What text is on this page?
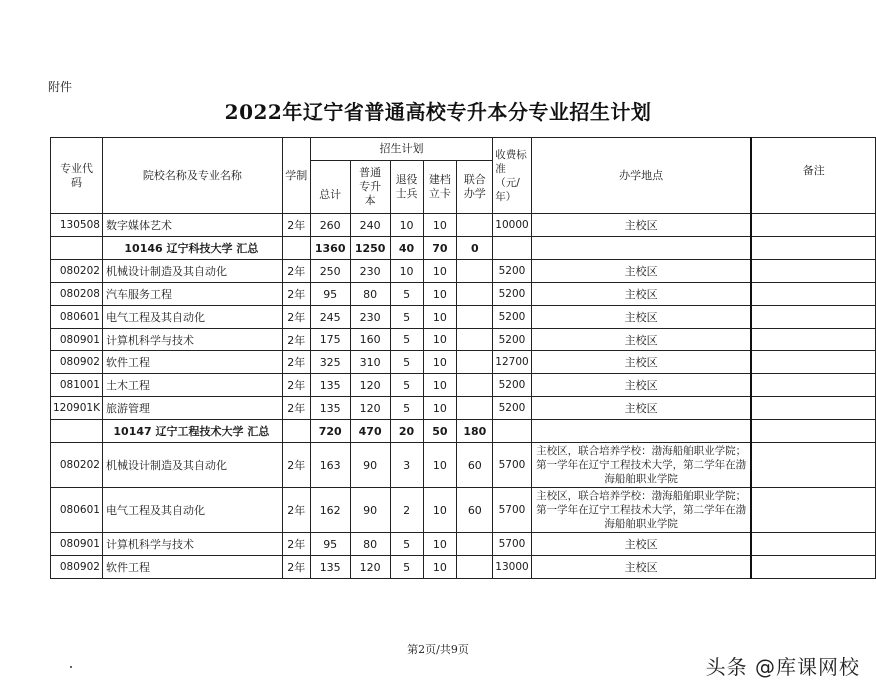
附件
2022年辽宁省普通高校专升本分专业招生计划
专业代码	院校名称及专业名称	学制	招生计划					收费标准（元/年）	办学地点	备注
			总计	普通专升本	退役士兵	建档立卡	联合办学			
130508	数字媒体艺术	2年	260	240	10	10		10000	主校区	
	10146 辽宁科技大学 汇总		1360	1250	40	70	0			
080202	机械设计制造及其自动化	2年	250	230	10	10		5200	主校区	
080208	汽车服务工程	2年	95	80	5	10		5200	主校区	
080601	电气工程及其自动化	2年	245	230	5	10		5200	主校区	
080901	计算机科学与技术	2年	175	160	5	10		5200	主校区	
080902	软件工程	2年	325	310	5	10		12700	主校区	
081001	土木工程	2年	135	120	5	10		5200	主校区	
120901K	旅游管理	2年	135	120	5	10		5200	主校区	
	10147 辽宁工程技术大学 汇总		720	470	20	50	180			
080202	机械设计制造及其自动化	2年	163	90	3	10	60	5700	主校区，联合培养学校：渤海船舶职业学院；第一学年在辽宁工程技术大学，第二学年在渤海船舶职业学院	
080601	电气工程及其自动化	2年	162	90	2	10	60	5700	主校区，联合培养学校：渤海船舶职业学院；第一学年在辽宁工程技术大学，第二学年在渤海船舶职业学院	
080901	计算机科学与技术	2年	95	80	5	10		5700	主校区	
080902	软件工程	2年	135	120	5	10		13000	主校区	
第2页/共9页
头条 @库课网校
